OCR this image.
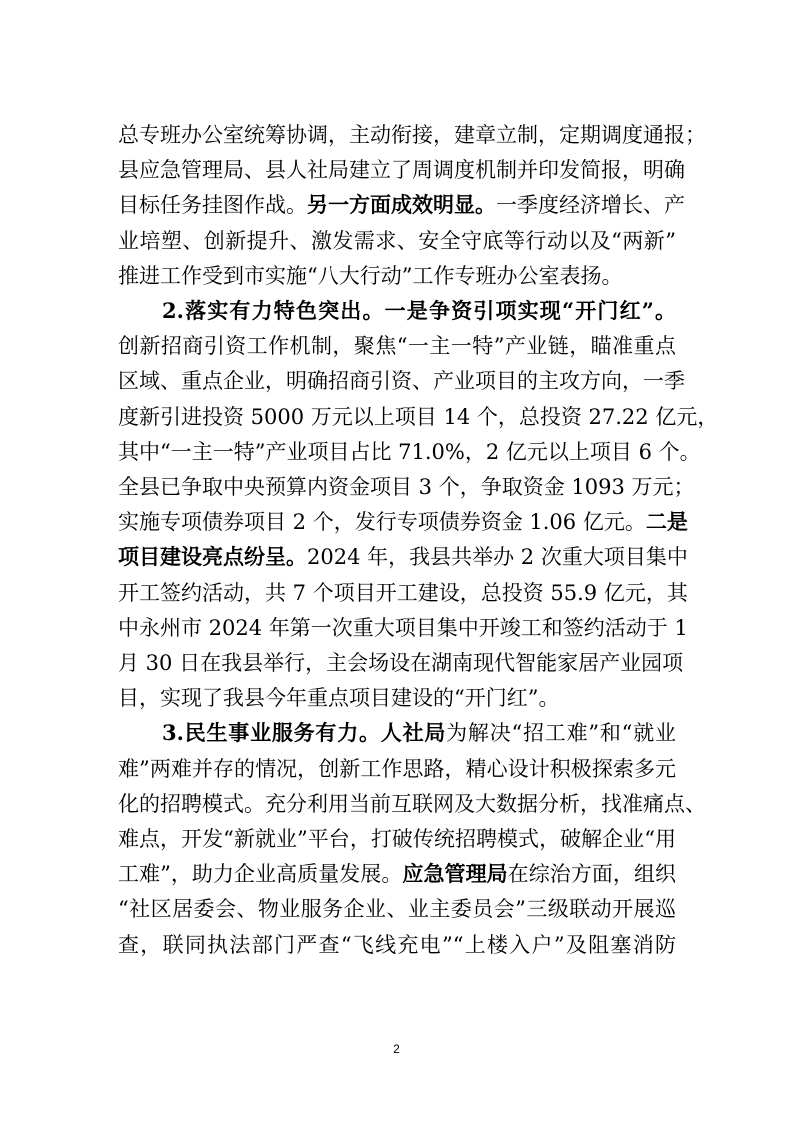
总专班办公室统筹协调，主动衔接，建章立制，定期调度通报；
县应急管理局、县人社局建立了周调度机制并印发简报，明确
目标任务挂图作战。另一方面成效明显。一季度经济增长、产
业培塑、创新提升、激发需求、安全守底等行动以及“两新”
推进工作受到市实施“八大行动”工作专班办公室表扬。
2.落实有力特色突出。一是争资引项实现“开门红”。
创新招商引资工作机制，聚焦“一主一特”产业链，瞄准重点
区域、重点企业，明确招商引资、产业项目的主攻方向，一季
度新引进投资 5000 万元以上项目 14 个，总投资 27.22 亿元，
其中“一主一特”产业项目占比 71.0%，2 亿元以上项目 6 个。
全县已争取中央预算内资金项目 3 个，争取资金 1093 万元；
实施专项债券项目 2 个，发行专项债券资金 1.06 亿元。二是
项目建设亮点纷呈。2024 年，我县共举办 2 次重大项目集中
开工签约活动，共 7 个项目开工建设，总投资 55.9 亿元，其
中永州市 2024 年第一次重大项目集中开竣工和签约活动于 1
月 30 日在我县举行，主会场设在湖南现代智能家居产业园项
目，实现了我县今年重点项目建设的“开门红”。
3.民生事业服务有力。人社局为解决“招工难”和“就业
难”两难并存的情况，创新工作思路，精心设计积极探索多元
化的招聘模式。充分利用当前互联网及大数据分析，找准痛点、
难点，开发“新就业”平台，打破传统招聘模式，破解企业“用
工难”，助力企业高质量发展。应急管理局在综治方面，组织
“社区居委会、物业服务企业、业主委员会”三级联动开展巡
查，联同执法部门严查“飞线充电”“上楼入户”及阻塞消防
2
